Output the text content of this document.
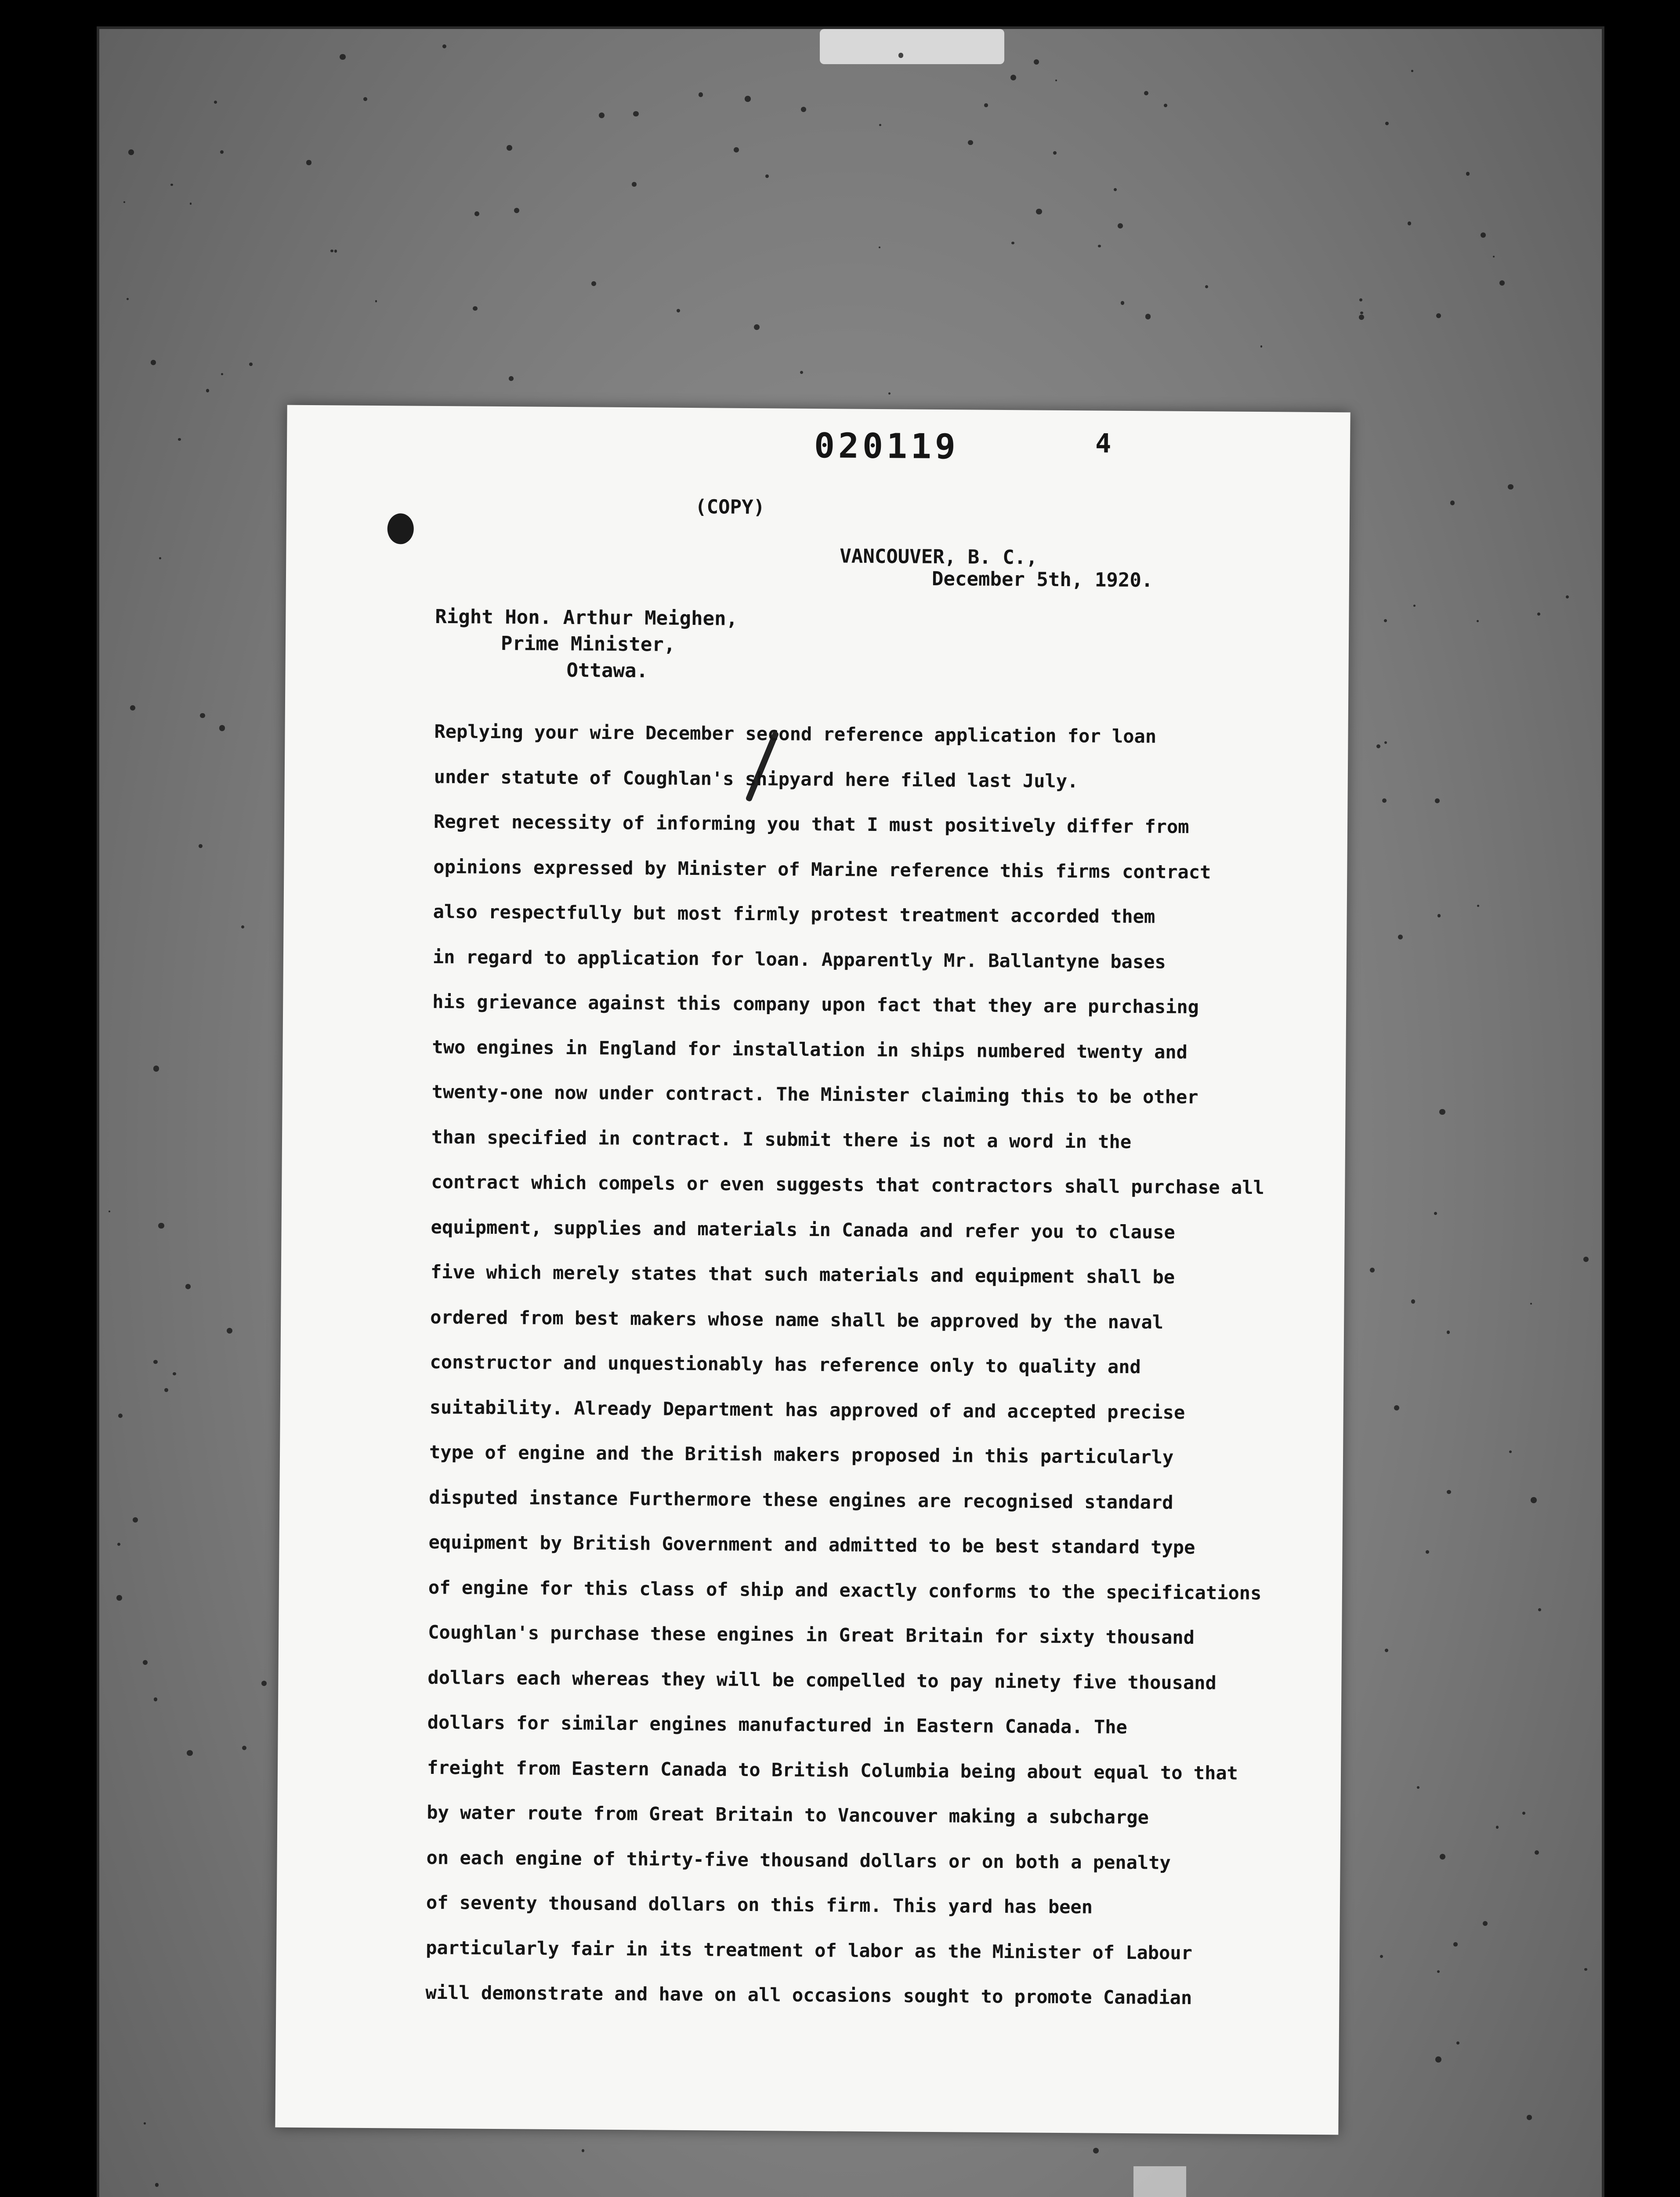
020119	4
(COPY)
VANCOUVER, B. C.,
December 5th, 1920.
Right Hon. Arthur Meighen,
Prime Minister,
Ottawa.
Replying your wire December second reference application for loan
under statute of Coughlan's shipyard here filed last July.
Regret necessity of informing you that I must positively differ from
opinions expressed by Minister of Marine reference this firms contract
also respectfully but most firmly protest treatment accorded them
in regard to application for loan. Apparently Mr. Ballantyne bases
his grievance against this company upon fact that they are purchasing
two engines in England for installation in ships numbered twenty and
twenty-one now under contract. The Minister claiming this to be other
than specified in contract. I submit there is not a word in the
contract which compels or even suggests that contractors shall purchase all
equipment, supplies and materials in Canada and refer you to clause
five which merely states that such materials and equipment shall be
ordered from best makers whose name shall be approved by the naval
constructor and unquestionably has reference only to quality and
suitability. Already Department has approved of and accepted precise
type of engine and the British makers proposed in this particularly
disputed instance Furthermore these engines are recognised standard
equipment by British Government and admitted to be best standard type
of engine for this class of ship and exactly conforms to the specifications
Coughlan's purchase these engines in Great Britain for sixty thousand
dollars each whereas they will be compelled to pay ninety five thousand
dollars for similar engines manufactured in Eastern Canada. The
freight from Eastern Canada to British Columbia being about equal to that
by water route from Great Britain to Vancouver making a subcharge
on each engine of thirty-five thousand dollars or on both a penalty
of seventy thousand dollars on this firm. This yard has been
particularly fair in its treatment of labor as the Minister of Labour
will demonstrate and have on all occasions sought to promote Canadian
